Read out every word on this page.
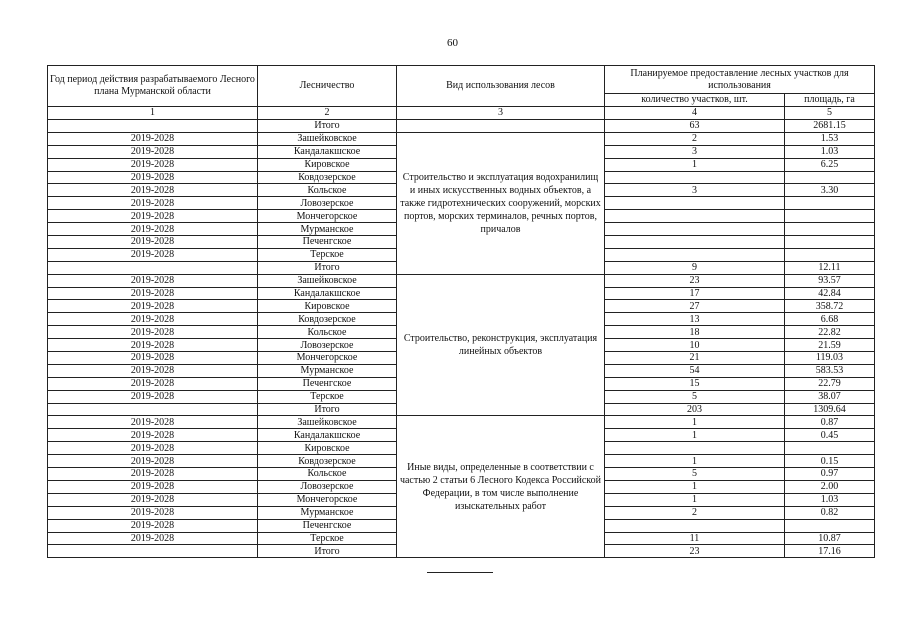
60
Год период действия разрабатываемого Лесного плана Мурманской области	Лесничество	Вид использования лесов	Планируемое предоставление лесных участков для использования	
			количество участков, шт.	площадь, га
1	2	3	4	5
	Итого		63	2681.15
2019-2028	Зашейковское	Строительство и эксплуатация водохранилищ и иных искусственных водных объектов, а также гидротехнических сооружений, морских портов, морских терминалов, речных портов, причалов	2	1.53
2019-2028	Кандалакшское		3	1.03
2019-2028	Кировское		1	6.25
2019-2028	Ковдозерское			
2019-2028	Кольское		3	3.30
2019-2028	Ловозерское			
2019-2028	Мончегорское			
2019-2028	Мурманское			
2019-2028	Печенгское			
2019-2028	Терское			
	Итого		9	12.11
2019-2028	Зашейковское	Строительство, реконструкция, эксплуатация линейных объектов	23	93.57
2019-2028	Кандалакшское		17	42.84
2019-2028	Кировское		27	358.72
2019-2028	Ковдозерское		13	6.68
2019-2028	Кольское		18	22.82
2019-2028	Ловозерское		10	21.59
2019-2028	Мончегорское		21	119.03
2019-2028	Мурманское		54	583.53
2019-2028	Печенгское		15	22.79
2019-2028	Терское		5	38.07
	Итого		203	1309.64
2019-2028	Зашейковское	Иные виды, определенные в соответствии с частью 2 статьи 6 Лесного Кодекса Российской Федерации, в том числе выполнение изыскательных работ	1	0.87
2019-2028	Кандалакшское		1	0.45
2019-2028	Кировское			
2019-2028	Ковдозерское		1	0.15
2019-2028	Кольское		5	0.97
2019-2028	Ловозерское		1	2.00
2019-2028	Мончегорское		1	1.03
2019-2028	Мурманское		2	0.82
2019-2028	Печенгское			
2019-2028	Терское		11	10.87
	Итого		23	17.16
